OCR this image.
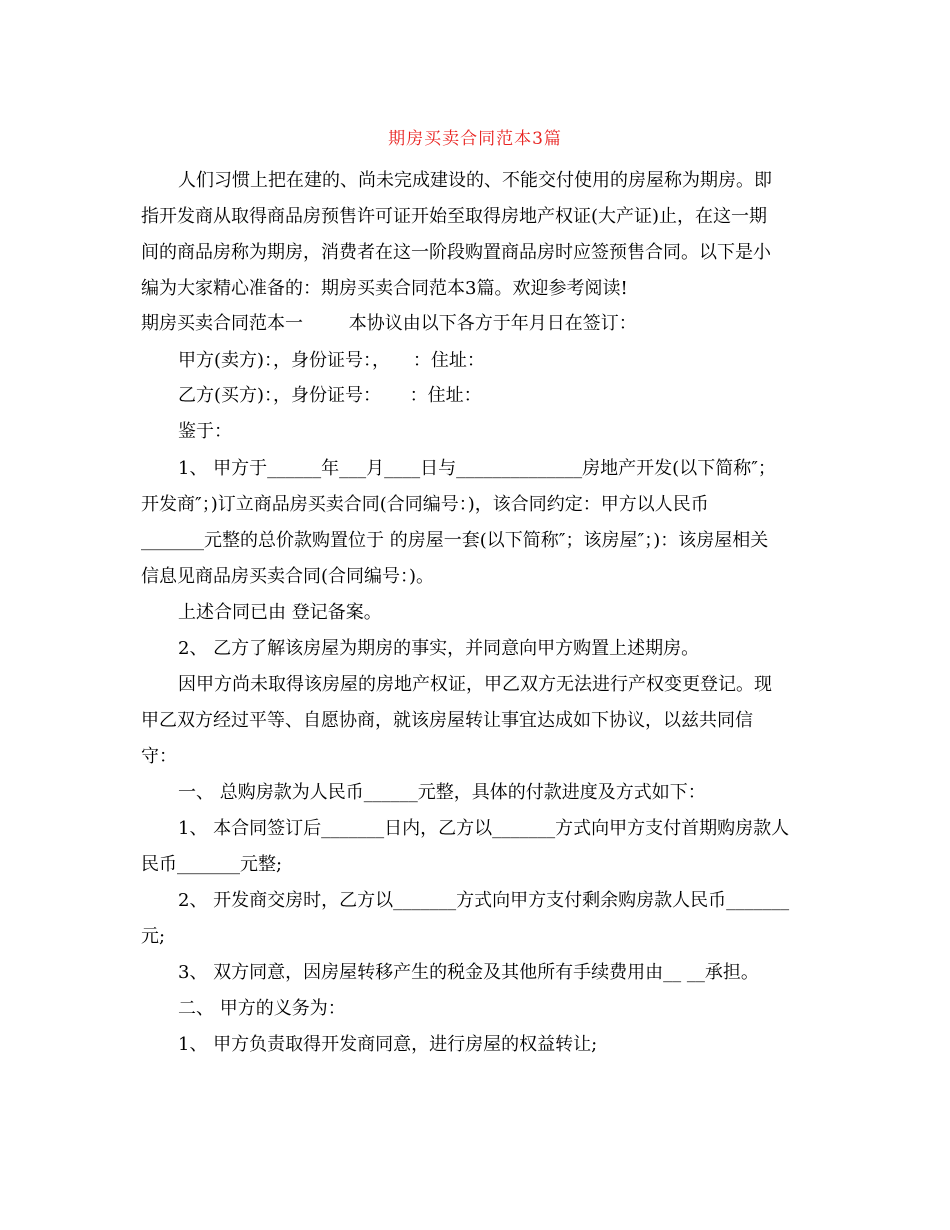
期房买卖合同范本3篇
人们习惯上把在建的、尚未完成建设的、不能交付使用的房屋称为期房。即
指开发商从取得商品房预售许可证开始至取得房地产权证(大产证)止，在这一期
间的商品房称为期房，消费者在这一阶段购置商品房时应签预售合同。以下是小
编为大家精心准备的：期房买卖合同范本3篇。欢迎参考阅读!
期房买卖合同范本一        本协议由以下各方于年月日在签订：
甲方(卖方)：，身份证号：，    ：住址：
乙方(买方)：，身份证号：     ：住址：
鉴于：
1、 甲方于______年___月____日与______________房地产开发(以下简称″；
开发商″；)订立商品房买卖合同(合同编号：)，该合同约定：甲方以人民币
_______元整的总价款购置位于 的房屋一套(以下简称″；该房屋″；)：该房屋相关
信息见商品房买卖合同(合同编号：)。
上述合同已由 登记备案。
2、 乙方了解该房屋为期房的事实，并同意向甲方购置上述期房。
因甲方尚未取得该房屋的房地产权证，甲乙双方无法进行产权变更登记。现
甲乙双方经过平等、自愿协商，就该房屋转让事宜达成如下协议，以兹共同信
守：
一、 总购房款为人民币______元整，具体的付款进度及方式如下：
1、 本合同签订后_______日内，乙方以_______方式向甲方支付首期购房款人
民币_______元整;
2、 开发商交房时，乙方以_______方式向甲方支付剩余购房款人民币_______
元;
3、 双方同意，因房屋转移产生的税金及其他所有手续费用由__ __承担。
二、 甲方的义务为：
1、 甲方负责取得开发商同意，进行房屋的权益转让;
